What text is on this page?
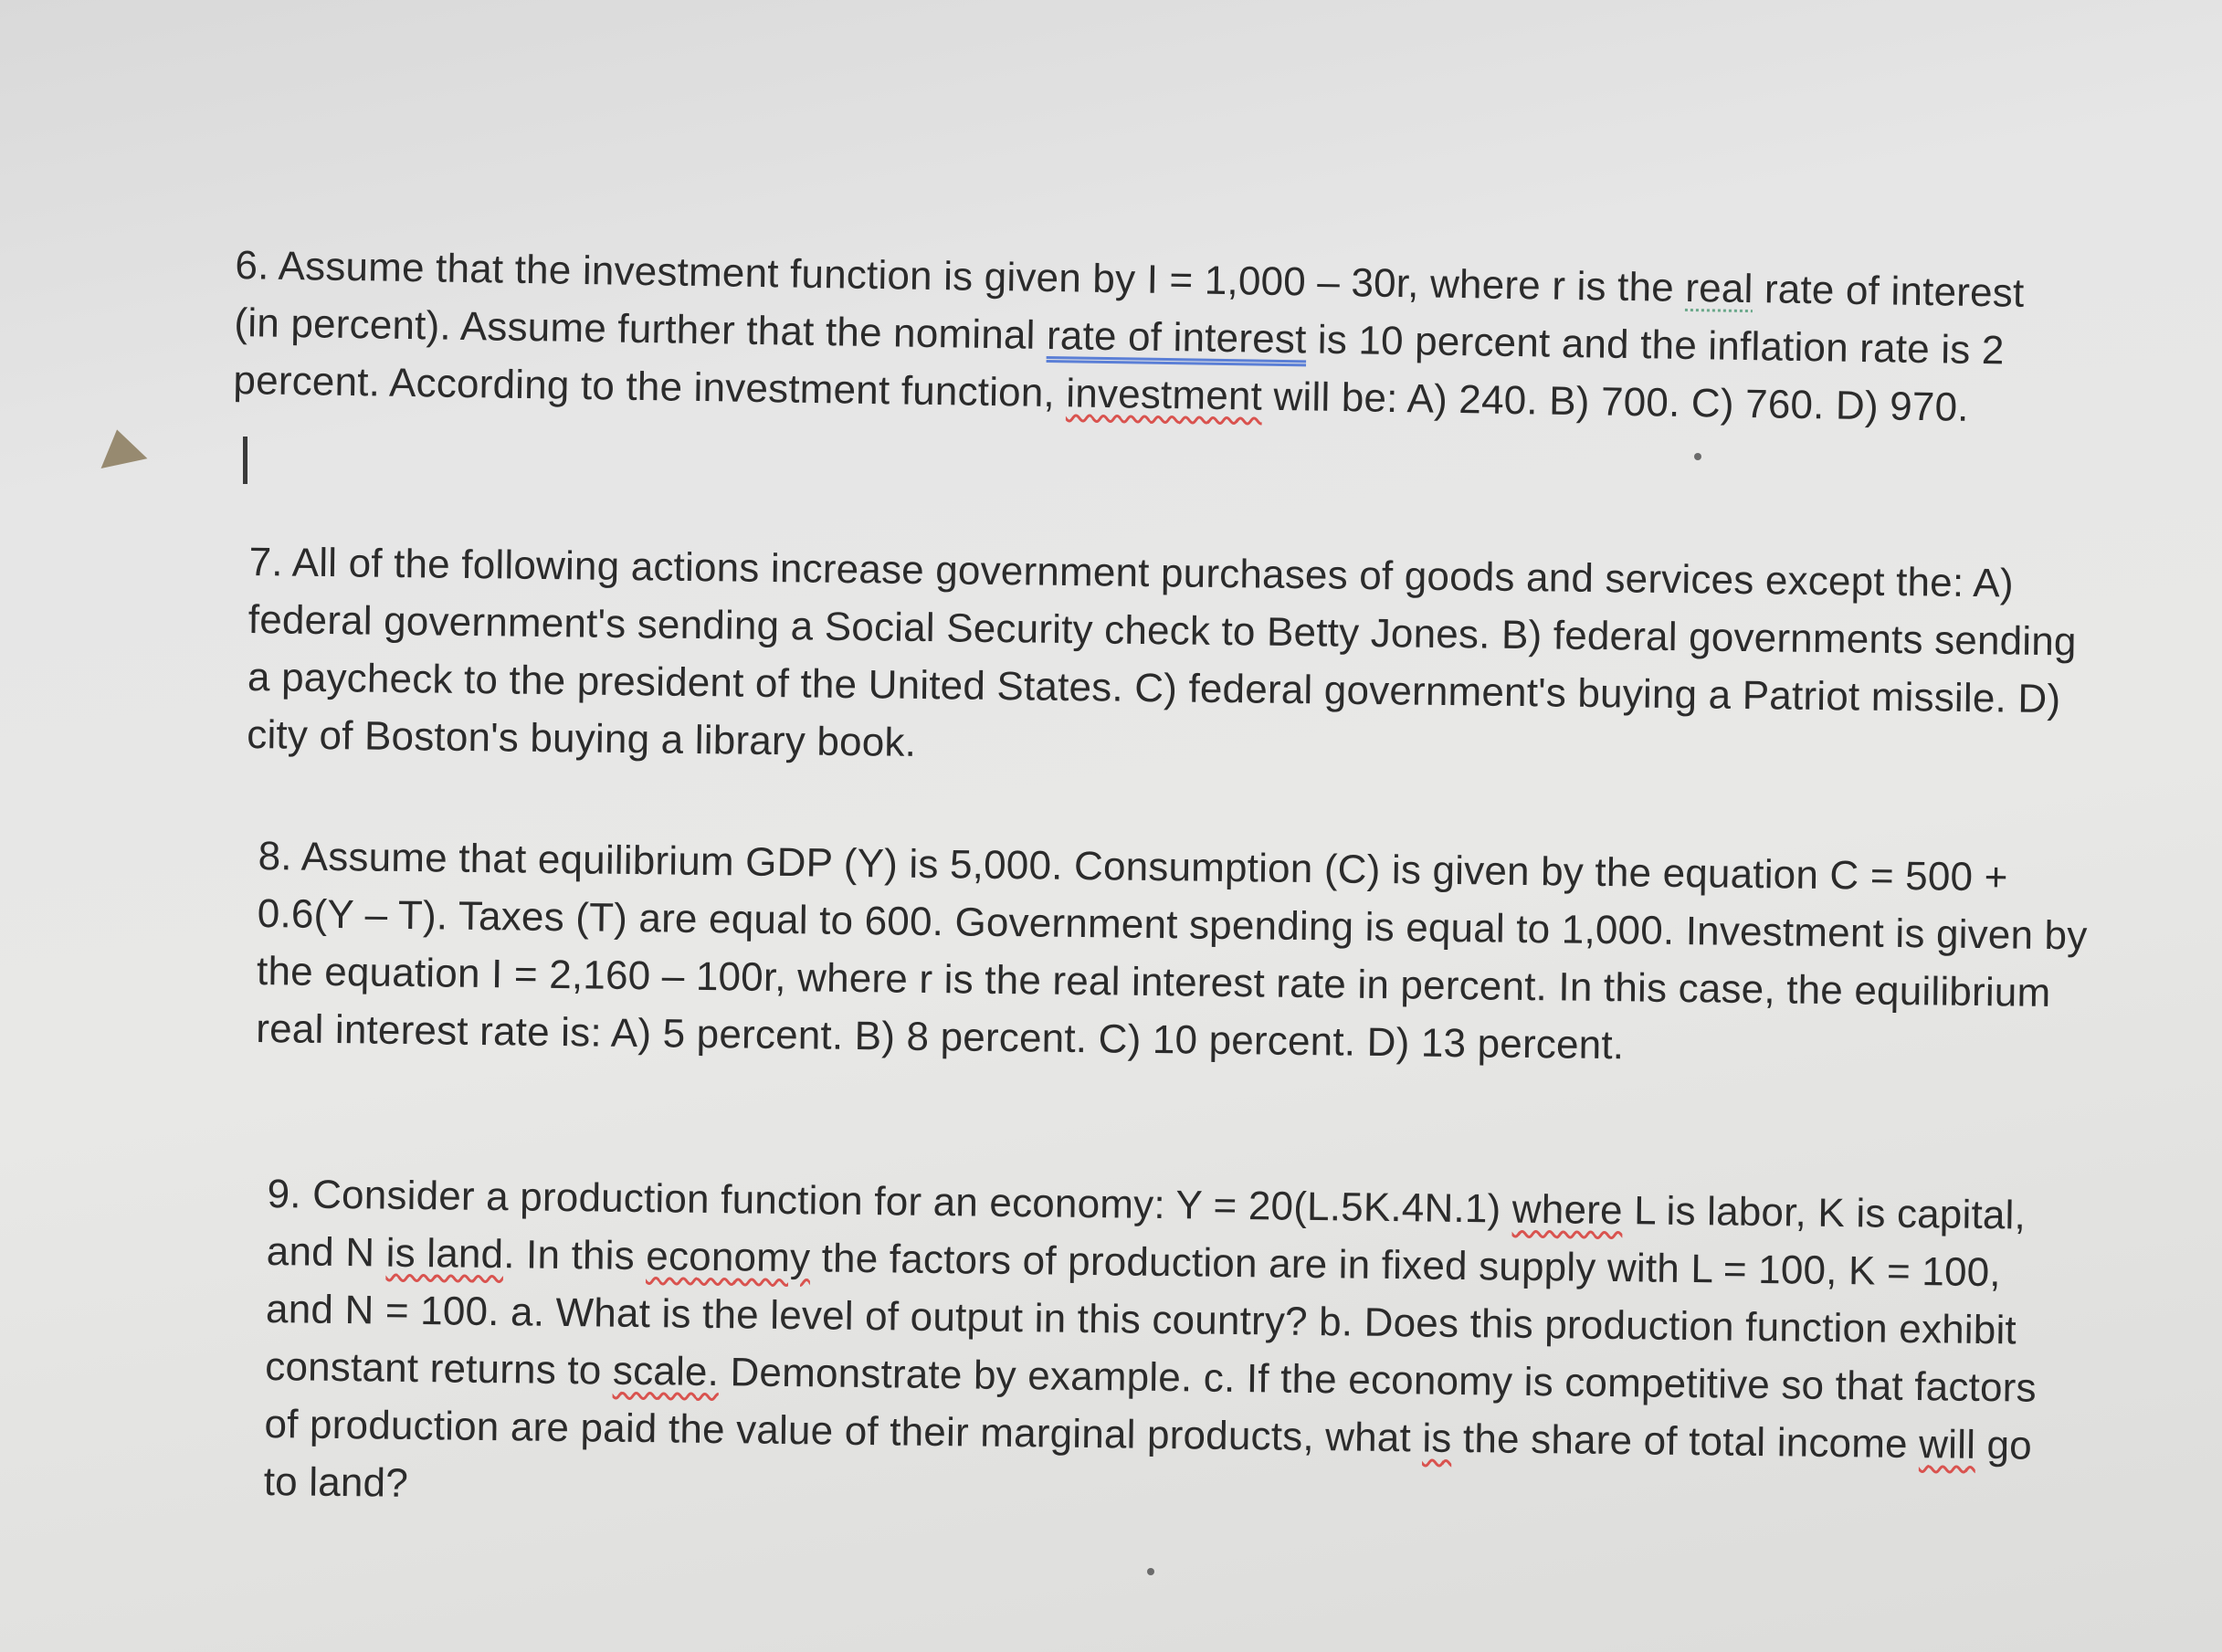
6. Assume that the investment function is given by I = 1,000 – 30r, where r is the real rate of interest (in percent). Assume further that the nominal rate of interest is 10 percent and the inflation rate is 2 percent. According to the investment function, investment will be: A) 240. B) 700. C) 760. D) 970.

7. All of the following actions increase government purchases of goods and services except the: A) federal government's sending a Social Security check to Betty Jones. B) federal governments sending a paycheck to the president of the United States. C) federal government's buying a Patriot missile. D) city of Boston's buying a library book.

8. Assume that equilibrium GDP (Y) is 5,000. Consumption (C) is given by the equation C = 500 + 0.6(Y – T). Taxes (T) are equal to 600. Government spending is equal to 1,000. Investment is given by the equation I = 2,160 – 100r, where r is the real interest rate in percent. In this case, the equilibrium real interest rate is: A) 5 percent. B) 8 percent. C) 10 percent. D) 13 percent.

9. Consider a production function for an economy: Y = 20(L.5K.4N.1) where L is labor, K is capital, and N is land. In this economy the factors of production are in fixed supply with L = 100, K = 100, and N = 100. a. What is the level of output in this country? b. Does this production function exhibit constant returns to scale. Demonstrate by example. c. If the economy is competitive so that factors of production are paid the value of their marginal products, what is the share of total income will go to land?
